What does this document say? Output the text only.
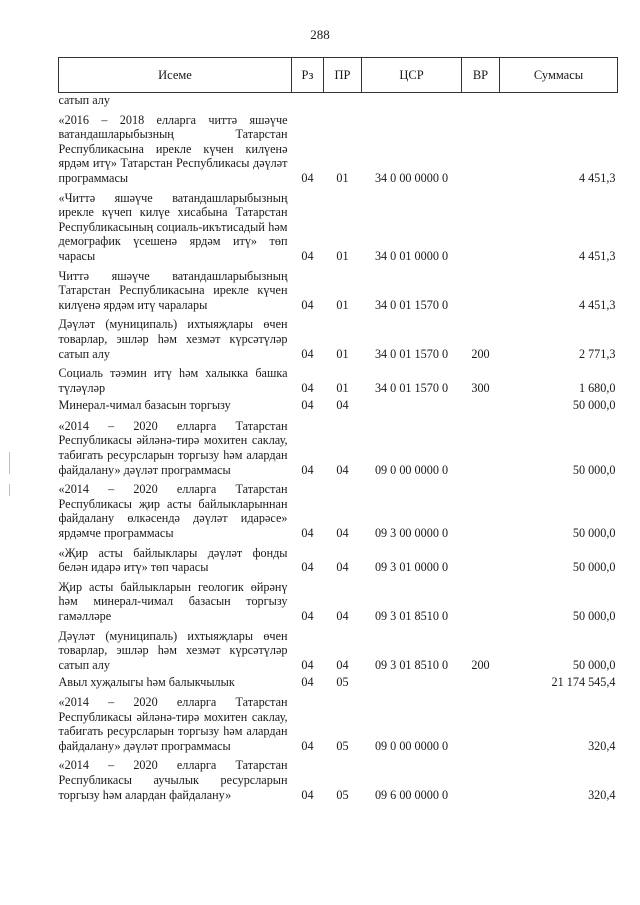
288
Исеме	Рз	ПР	ЦСР	ВР	Суммасы
сатып алу					
«2016 – 2018 елларга читтә яшәүче ватандашларыбызның Татарстан Республикасына ирекле күчен килүенә ярдәм итү» Татарстан Республикасы дәүләт программасы	04	01	34 0 00 0000 0		4 451,3
«Читтә яшәүче ватандашларыбызның ирекле күчеп килүе хисабына Татарстан Республикасының социаль-икътисадый һәм демографик үсешенә ярдәм итү» төп чарасы	04	01	34 0 01 0000 0		4 451,3
Читтә яшәүче ватандашларыбызның Татарстан Республикасына ирекле күчен килүенә ярдәм итү чаралары	04	01	34 0 01 1570 0		4 451,3
Дәүләт (муниципаль) ихтыяҗлары өчен товарлар, эшләр һәм хезмәт күрсәтүләр сатып алу	04	01	34 0 01 1570 0	200	2 771,3
Социаль тәэмин итү һәм халыкка башка түләүләр	04	01	34 0 01 1570 0	300	1 680,0
Минерал-чимал базасын торгызу	04	04			50 000,0
«2014 – 2020 елларга Татарстан Республикасы әйләнә-тирә мохитен саклау, табигать ресурсларын торгызу һәм алардан файдалану» дәүләт программасы	04	04	09 0 00 0000 0		50 000,0
«2014 – 2020 елларга Татарстан Республикасы җир асты байлыкларыннан файдалану өлкәсендә дәүләт идарәсе» ярдәмче программасы	04	04	09 3 00 0000 0		50 000,0
«Җир асты байлыклары дәүләт фонды белән идарә итү» төп чарасы	04	04	09 3 01 0000 0		50 000,0
Җир асты байлыкларын геологик өйрәнү һәм минерал-чимал базасын торгызу гамәлләре	04	04	09 3 01 8510 0		50 000,0
Дәүләт (муниципаль) ихтыяҗлары өчен товарлар, эшләр һәм хезмәт күрсәтүләр сатып алу	04	04	09 3 01 8510 0	200	50 000,0
Авыл хуҗалыгы һәм балыкчылык	04	05			21 174 545,4
«2014 – 2020 елларга Татарстан Республикасы әйләнә-тирә мохитен саклау, табигать ресурсларын торгызу һәм алардан файдалану» дәүләт программасы	04	05	09 0 00 0000 0		320,4
«2014 – 2020 елларга Татарстан Республикасы аучылык ресурсларын торгызу һәм алардан файдалану»	04	05	09 6 00 0000 0		320,4
